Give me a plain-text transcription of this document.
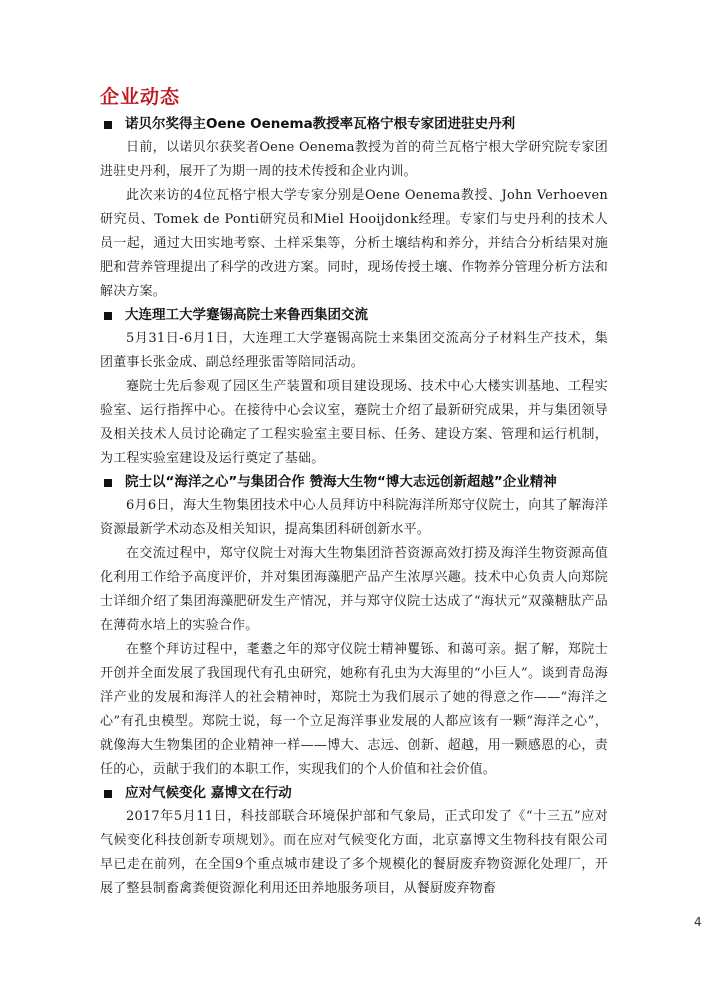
企业动态
诺贝尔奖得主Oene Oenema教授率瓦格宁根专家团进驻史丹利

日前，以诺贝尔获奖者Oene Oenema教授为首的荷兰瓦格宁根大学研究院专家团进驻史丹利，展开了为期一周的技术传授和企业内训。

此次来访的4位瓦格宁根大学专家分别是Oene Oenema教授、John Verhoeven研究员、Tomek de Ponti研究员和Miel Hooijdonk经理。专家们与史丹利的技术人员一起，通过大田实地考察、土样采集等，分析土壤结构和养分，并结合分析结果对施肥和营养管理提出了科学的改进方案。同时，现场传授土壤、作物养分管理分析方法和解决方案。

大连理工大学蹇锡高院士来鲁西集团交流

5月31日-6月1日，大连理工大学蹇锡高院士来集团交流高分子材料生产技术，集团董事长张金成、副总经理张雷等陪同活动。

蹇院士先后参观了园区生产装置和项目建设现场、技术中心大楼实训基地、工程实验室、运行指挥中心。在接待中心会议室，蹇院士介绍了最新研究成果，并与集团领导及相关技术人员讨论确定了工程实验室主要目标、任务、建设方案、管理和运行机制，为工程实验室建设及运行奠定了基础。

院士以“海洋之心”与集团合作 赞海大生物“博大志远创新超越”企业精神

6月6日，海大生物集团技术中心人员拜访中科院海洋所郑守仪院士，向其了解海洋资源最新学术动态及相关知识，提高集团科研创新水平。

在交流过程中，郑守仪院士对海大生物集团浒苔资源高效打捞及海洋生物资源高值化利用工作给予高度评价，并对集团海藻肥产品产生浓厚兴趣。技术中心负责人向郑院士详细介绍了集团海藻肥研发生产情况，并与郑守仪院士达成了“海状元”双藻糖肽产品在薄荷水培上的实验合作。

在整个拜访过程中，耄耋之年的郑守仪院士精神矍铄、和蔼可亲。据了解，郑院士开创并全面发展了我国现代有孔虫研究，她称有孔虫为大海里的“小巨人”。谈到青岛海洋产业的发展和海洋人的社会精神时，郑院士为我们展示了她的得意之作——“海洋之心”有孔虫模型。郑院士说，每一个立足海洋事业发展的人都应该有一颗“海洋之心”，就像海大生物集团的企业精神一样——博大、志远、创新、超越，用一颗感恩的心，责任的心，贡献于我们的本职工作，实现我们的个人价值和社会价值。

应对气候变化 嘉博文在行动

2017年5月11日，科技部联合环境保护部和气象局，正式印发了《“十三五”应对气候变化科技创新专项规划》。而在应对气候变化方面，北京嘉博文生物科技有限公司早已走在前列，在全国9个重点城市建设了多个规模化的餐厨废弃物资源化处理厂，开展了整县制畜禽粪便资源化利用还田养地服务项目，从餐厨废弃物畜

4
